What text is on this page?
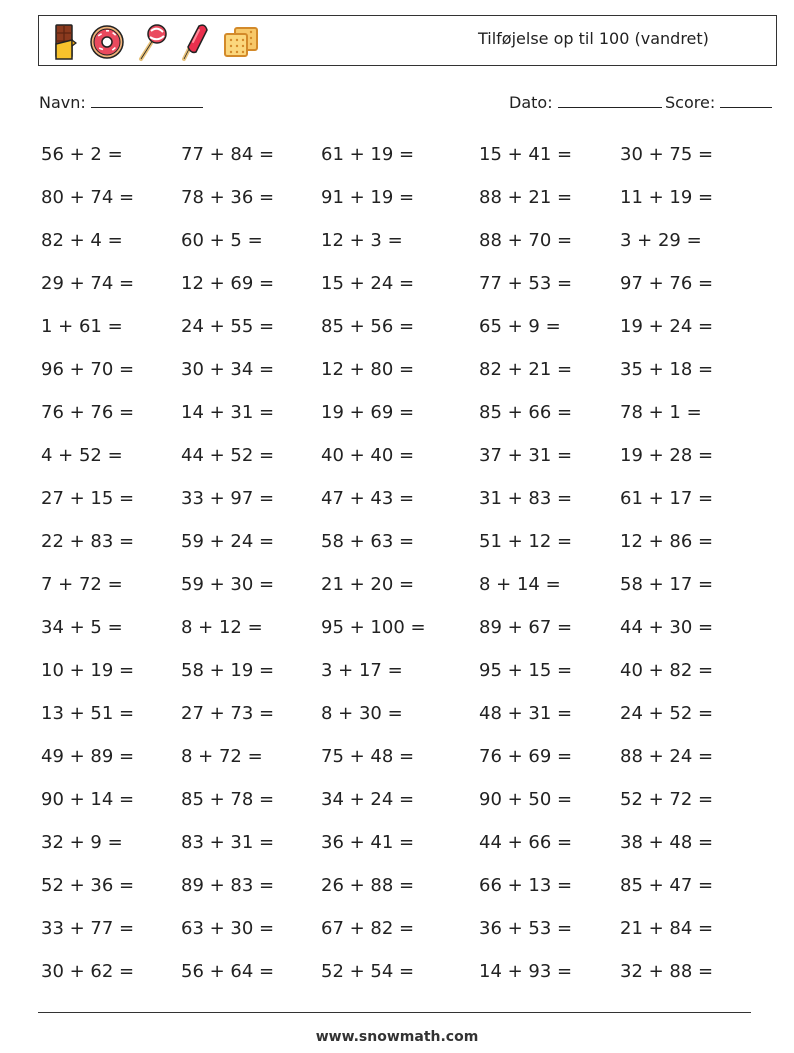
Tilføjelse op til 100 (vandret)
Navn:	Dato:	Score:
56 + 2 =	77 + 84 =	61 + 19 =	15 + 41 =	30 + 75 =
80 + 74 =	78 + 36 =	91 + 19 =	88 + 21 =	11 + 19 =
82 + 4 =	60 + 5 =	12 + 3 =	88 + 70 =	3 + 29 =
29 + 74 =	12 + 69 =	15 + 24 =	77 + 53 =	97 + 76 =
1 + 61 =	24 + 55 =	85 + 56 =	65 + 9 =	19 + 24 =
96 + 70 =	30 + 34 =	12 + 80 =	82 + 21 =	35 + 18 =
76 + 76 =	14 + 31 =	19 + 69 =	85 + 66 =	78 + 1 =
4 + 52 =	44 + 52 =	40 + 40 =	37 + 31 =	19 + 28 =
27 + 15 =	33 + 97 =	47 + 43 =	31 + 83 =	61 + 17 =
22 + 83 =	59 + 24 =	58 + 63 =	51 + 12 =	12 + 86 =
7 + 72 =	59 + 30 =	21 + 20 =	8 + 14 =	58 + 17 =
34 + 5 =	8 + 12 =	95 + 100 =	89 + 67 =	44 + 30 =
10 + 19 =	58 + 19 =	3 + 17 =	95 + 15 =	40 + 82 =
13 + 51 =	27 + 73 =	8 + 30 =	48 + 31 =	24 + 52 =
49 + 89 =	8 + 72 =	75 + 48 =	76 + 69 =	88 + 24 =
90 + 14 =	85 + 78 =	34 + 24 =	90 + 50 =	52 + 72 =
32 + 9 =	83 + 31 =	36 + 41 =	44 + 66 =	38 + 48 =
52 + 36 =	89 + 83 =	26 + 88 =	66 + 13 =	85 + 47 =
33 + 77 =	63 + 30 =	67 + 82 =	36 + 53 =	21 + 84 =
30 + 62 =	56 + 64 =	52 + 54 =	14 + 93 =	32 + 88 =
www.snowmath.com
